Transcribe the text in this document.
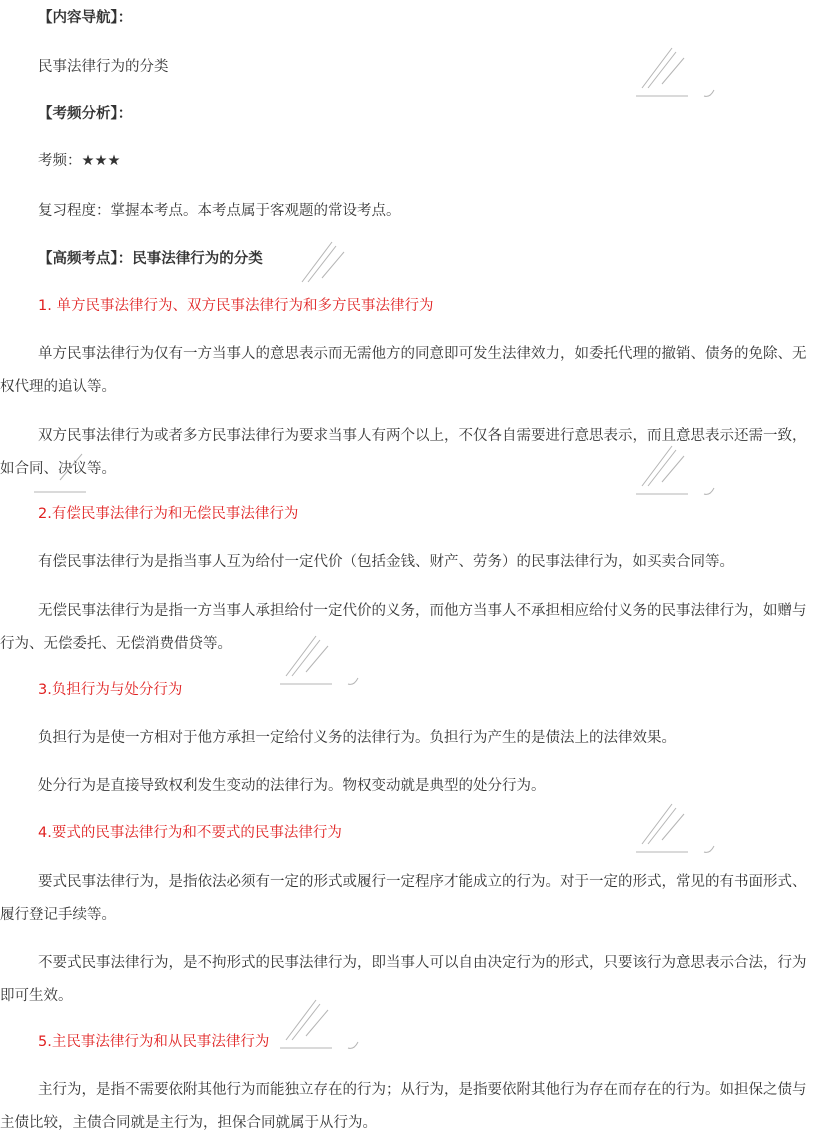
【内容导航】：
民事法律行为的分类
【考频分析】：
考频：★★★
复习程度：掌握本考点。本考点属于客观题的常设考点。
【高频考点】：民事法律行为的分类
1. 单方民事法律行为、双方民事法律行为和多方民事法律行为
单方民事法律行为仅有一方当事人的意思表示而无需他方的同意即可发生法律效力，如委托代理的撤销、债务的免除、无权代理的追认等。
双方民事法律行为或者多方民事法律行为要求当事人有两个以上，不仅各自需要进行意思表示，而且意思表示还需一致，如合同、决议等。
2.有偿民事法律行为和无偿民事法律行为
有偿民事法律行为是指当事人互为给付一定代价（包括金钱、财产、劳务）的民事法律行为，如买卖合同等。
无偿民事法律行为是指一方当事人承担给付一定代价的义务，而他方当事人不承担相应给付义务的民事法律行为，如赠与行为、无偿委托、无偿消费借贷等。
3.负担行为与处分行为
负担行为是使一方相对于他方承担一定给付义务的法律行为。负担行为产生的是债法上的法律效果。
处分行为是直接导致权利发生变动的法律行为。物权变动就是典型的处分行为。
4.要式的民事法律行为和不要式的民事法律行为
要式民事法律行为，是指依法必须有一定的形式或履行一定程序才能成立的行为。对于一定的形式，常见的有书面形式、履行登记手续等。
不要式民事法律行为，是不拘形式的民事法律行为，即当事人可以自由决定行为的形式，只要该行为意思表示合法，行为即可生效。
5.主民事法律行为和从民事法律行为
主行为，是指不需要依附其他行为而能独立存在的行为；从行为，是指要依附其他行为存在而存在的行为。如担保之债与主债比较，主债合同就是主行为，担保合同就属于从行为。
